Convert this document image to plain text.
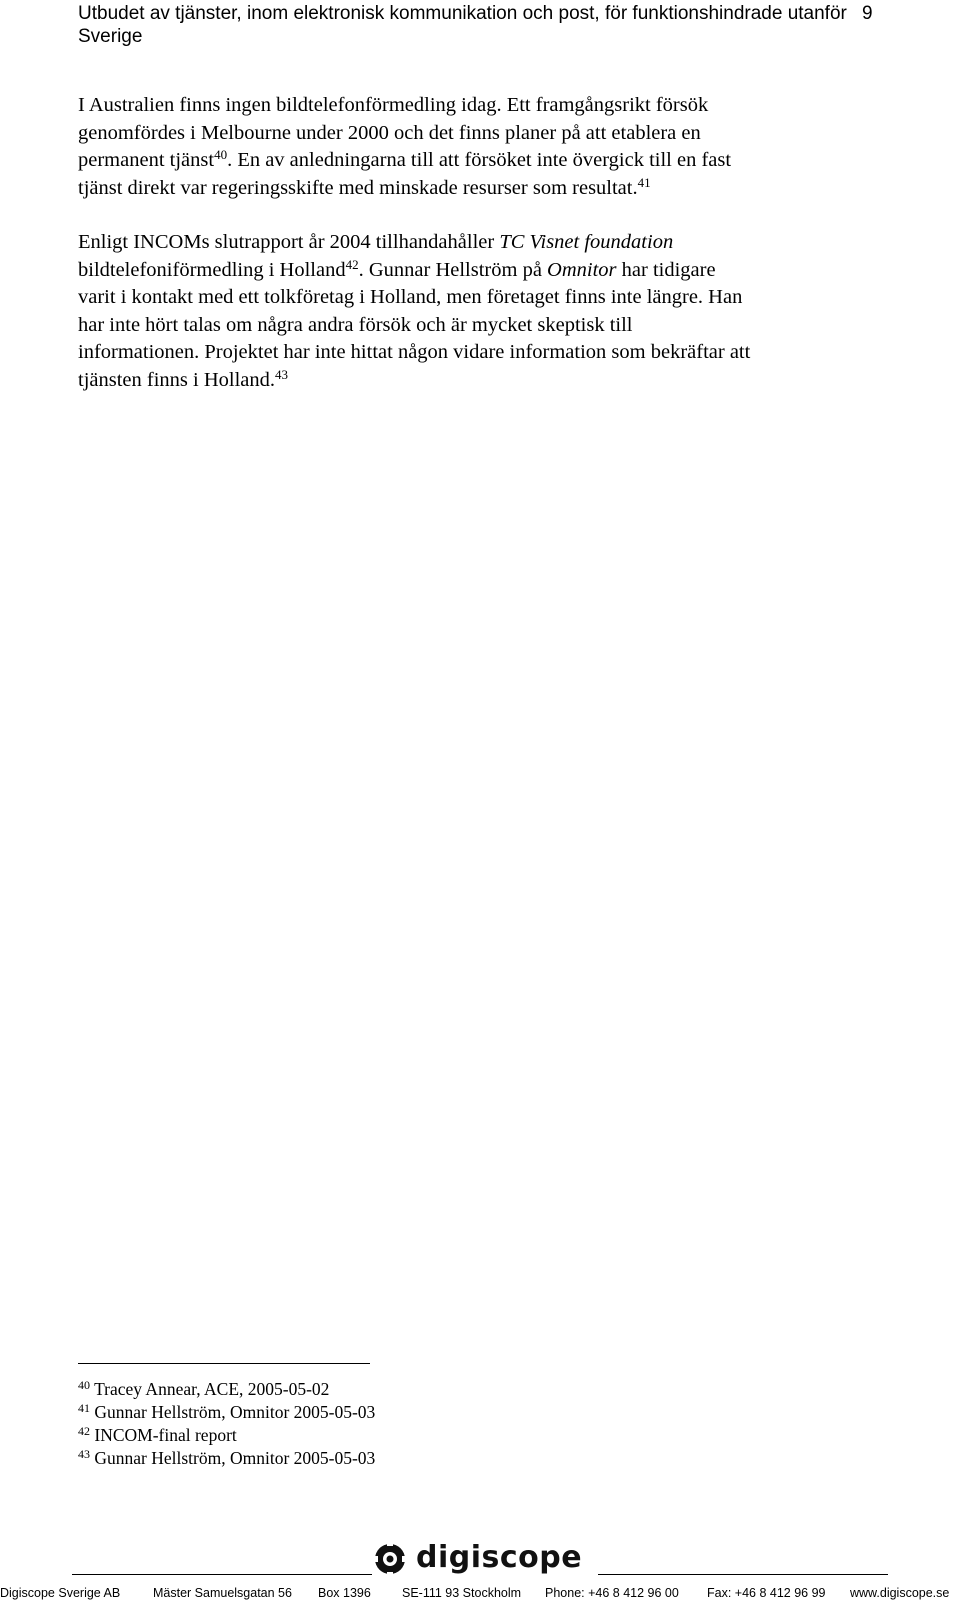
Utbudet av tjänster, inom elektronisk kommunikation och post, för funktionshindrade utanför Sverige
9
I Australien finns ingen bildtelefonförmedling idag. Ett framgångsrikt försök
genomfördes i Melbourne under 2000 och det finns planer på att etablera en
permanent tjänst$^{40}$. En av anledningarna till att försöket inte övergick till en fast
tjänst direkt var regeringsskifte med minskade resurser som resultat.$^{41}$
Enligt INCOMs slutrapport år 2004 tillhandahåller TC Visnet foundation
bildtelefoniförmedling i Holland$^{42}$. Gunnar Hellström på Omnitor har tidigare
varit i kontakt med ett tolkföretag i Holland, men företaget finns inte längre. Han
har inte hört talas om några andra försök och är mycket skeptisk till
informationen. Projektet har inte hittat någon vidare information som bekräftar att
tjänsten finns i Holland.$^{43}$
$^{40}$ Tracey Annear, ACE, 2005-05-02
$^{41}$ Gunnar Hellström, Omnitor 2005-05-03
$^{42}$ INCOM-final report
$^{43}$ Gunnar Hellström, Omnitor 2005-05-03
digiscope
Digiscope Sverige AB	Mäster Samuelsgatan 56 Box 1396 SE-111 93 Stockholm Phone: +46 8 412 96 00 Fax: +46 8 412 96 99 www.digiscope.se
